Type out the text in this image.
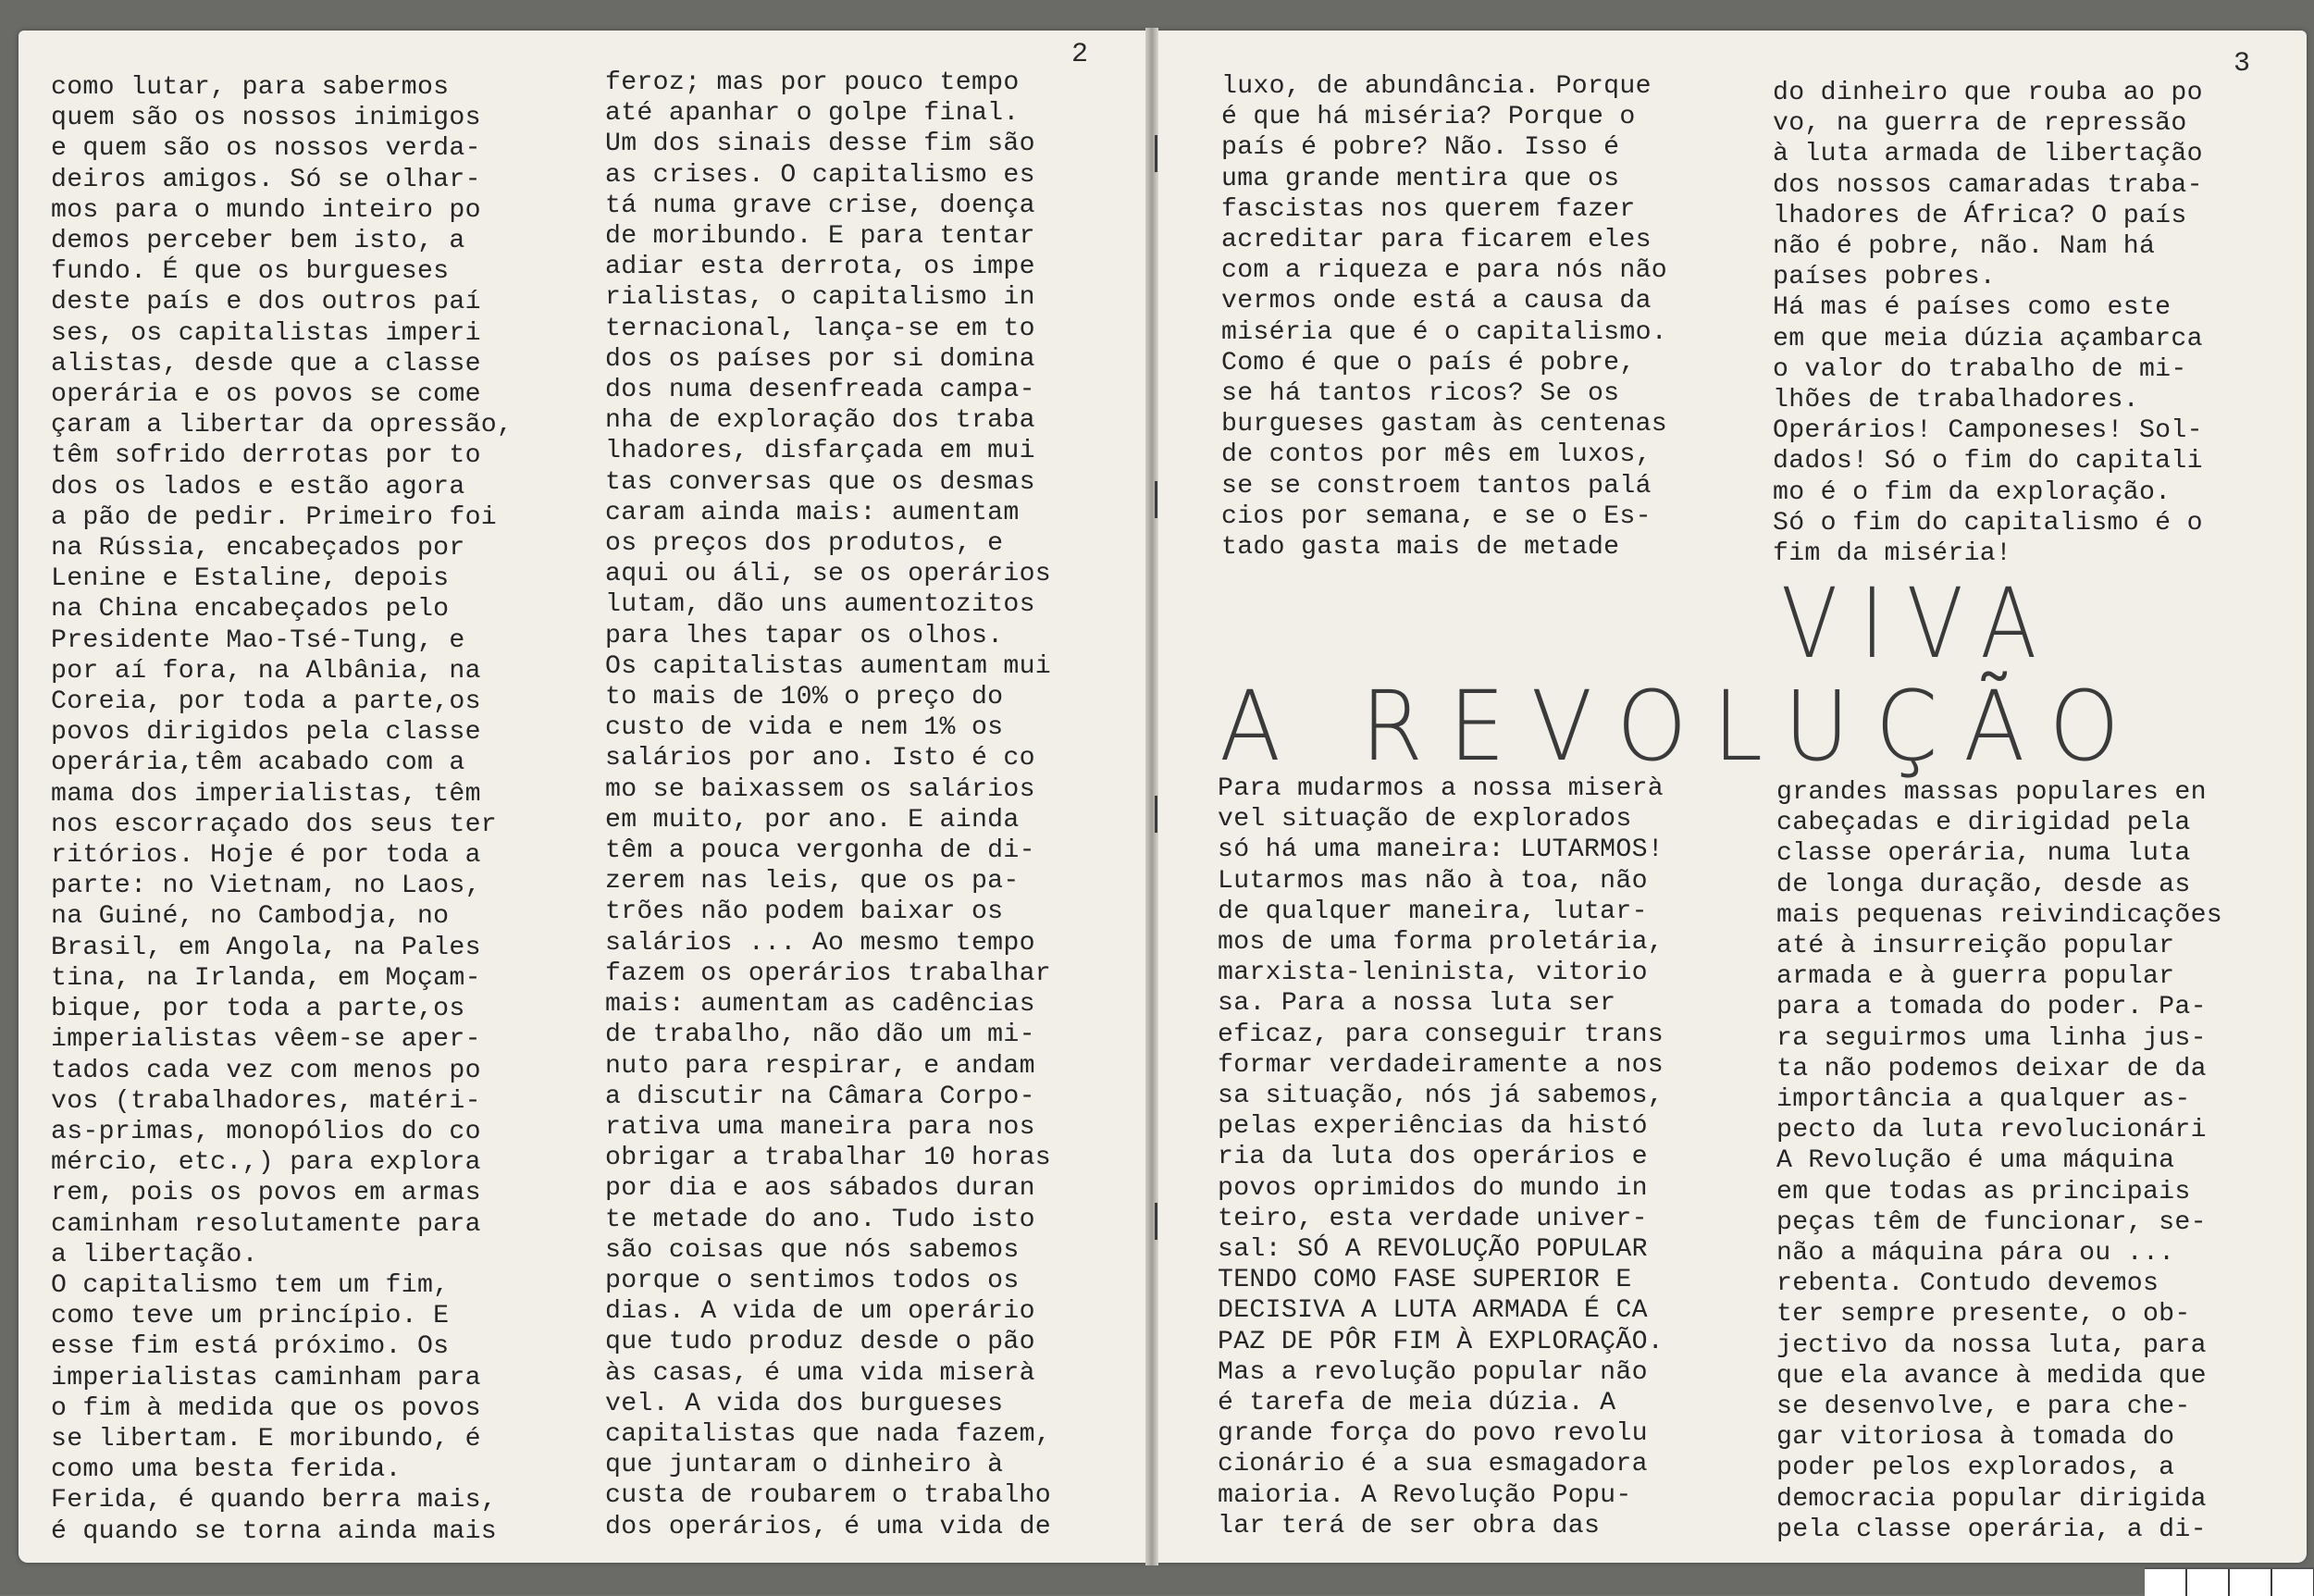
2	3
como lutar, para sabermos
quem são os nossos inimigos
e quem são os nossos verda-
deiros amigos. Só se olhar-
mos para o mundo inteiro po
demos perceber bem isto, a
fundo. É que os burgueses
deste país e dos outros paí
ses, os capitalistas imperi
alistas, desde que a classe
operária e os povos se come
çaram a libertar da opressão,
têm sofrido derrotas por to
dos os lados e estão agora
a pão de pedir. Primeiro foi
na Rússia, encabeçados por
Lenine e Estaline, depois
na China encabeçados pelo
Presidente Mao-Tsé-Tung, e
por aí fora, na Albânia, na
Coreia, por toda a parte,os
povos dirigidos pela classe
operária,têm acabado com a
mama dos imperialistas, têm
nos escorraçado dos seus ter
ritórios. Hoje é por toda a
parte: no Vietnam, no Laos,
na Guiné, no Cambodja, no
Brasil, em Angola, na Pales
tina, na Irlanda, em Moçam-
bique, por toda a parte,os
imperialistas vêem-se aper-
tados cada vez com menos po
vos (trabalhadores, matéri-
as-primas, monopólios do co
mércio, etc.,) para explora
rem, pois os povos em armas
caminham resolutamente para
a libertação.
O capitalismo tem um fim,
como teve um princípio. E
esse fim está próximo. Os
imperialistas caminham para
o fim à medida que os povos
se libertam. E moribundo, é
como uma besta ferida.
Ferida, é quando berra mais,
é quando se torna ainda mais
feroz; mas por pouco tempo
até apanhar o golpe final.
Um dos sinais desse fim são
as crises. O capitalismo es
tá numa grave crise, doença
de moribundo. E para tentar
adiar esta derrota, os impe
rialistas, o capitalismo in
ternacional, lança-se em to
dos os países por si domina
dos numa desenfreada campa-
nha de exploração dos traba
lhadores, disfarçada em mui
tas conversas que os desmas
caram ainda mais: aumentam
os preços dos produtos, e
aqui ou áli, se os operários
lutam, dão uns aumentozitos
para lhes tapar os olhos.
Os capitalistas aumentam mui
to mais de 10% o preço do
custo de vida e nem 1% os
salários por ano. Isto é co
mo se baixassem os salários
em muito, por ano. E ainda
têm a pouca vergonha de di-
zerem nas leis, que os pa-
trões não podem baixar os
salários ... Ao mesmo tempo
fazem os operários trabalhar
mais: aumentam as cadências
de trabalho, não dão um mi-
nuto para respirar, e andam
a discutir na Câmara Corpo-
rativa uma maneira para nos
obrigar a trabalhar 10 horas
por dia e aos sábados duran
te metade do ano. Tudo isto
são coisas que nós sabemos
porque o sentimos todos os
dias. A vida de um operário
que tudo produz desde o pão
às casas, é uma vida miserà
vel. A vida dos burgueses
capitalistas que nada fazem,
que juntaram o dinheiro à
custa de roubarem o trabalho
dos operários, é uma vida de
luxo, de abundância. Porque
é que há miséria? Porque o
país é pobre? Não. Isso é
uma grande mentira que os
fascistas nos querem fazer
acreditar para ficarem eles
com a riqueza e para nós não
vermos onde está a causa da
miséria que é o capitalismo.
Como é que o país é pobre,
se há tantos ricos? Se os
burgueses gastam às centenas
de contos por mês em luxos,
se se constroem tantos palá
cios por semana, e se o Es-
tado gasta mais de metade
do dinheiro que rouba ao po
vo, na guerra de repressão
à luta armada de libertação
dos nossos camaradas traba-
lhadores de África? O país
não é pobre, não. Nam há
países pobres.
Há mas é países como este
em que meia dúzia açambarca
o valor do trabalho de mi-
lhões de trabalhadores.
Operários! Camponeses! Sol-
dados! Só o fim do capitali
mo é o fim da exploração.
Só o fim do capitalismo é o
fim da miséria!
VIVA
A REVOLUÇÃO
Para mudarmos a nossa miserà
vel situação de explorados
só há uma maneira: LUTARMOS!
Lutarmos mas não à toa, não
de qualquer maneira, lutar-
mos de uma forma proletária,
marxista-leninista, vitorio
sa. Para a nossa luta ser
eficaz, para conseguir trans
formar verdadeiramente a nos
sa situação, nós já sabemos,
pelas experiências da histó
ria da luta dos operários e
povos oprimidos do mundo in
teiro, esta verdade univer-
sal: SÓ A REVOLUÇÃO POPULAR
TENDO COMO FASE SUPERIOR E
DECISIVA A LUTA ARMADA É CA
PAZ DE PÔR FIM À EXPLORAÇÃO.
Mas a revolução popular não
é tarefa de meia dúzia. A
grande força do povo revolu
cionário é a sua esmagadora
maioria. A Revolução Popu-
lar terá de ser obra das
grandes massas populares en
cabeçadas e dirigidad pela
classe operária, numa luta
de longa duração, desde as
mais pequenas reivindicações
até à insurreição popular
armada e à guerra popular
para a tomada do poder. Pa-
ra seguirmos uma linha jus-
ta não podemos deixar de da
importância a qualquer as-
pecto da luta revolucionári
A Revolução é uma máquina
em que todas as principais
peças têm de funcionar, se-
não a máquina pára ou ...
rebenta. Contudo devemos
ter sempre presente, o ob-
jectivo da nossa luta, para
que ela avance à medida que
se desenvolve, e para che-
gar vitoriosa à tomada do
poder pelos explorados, a
democracia popular dirigida
pela classe operária, a di-
